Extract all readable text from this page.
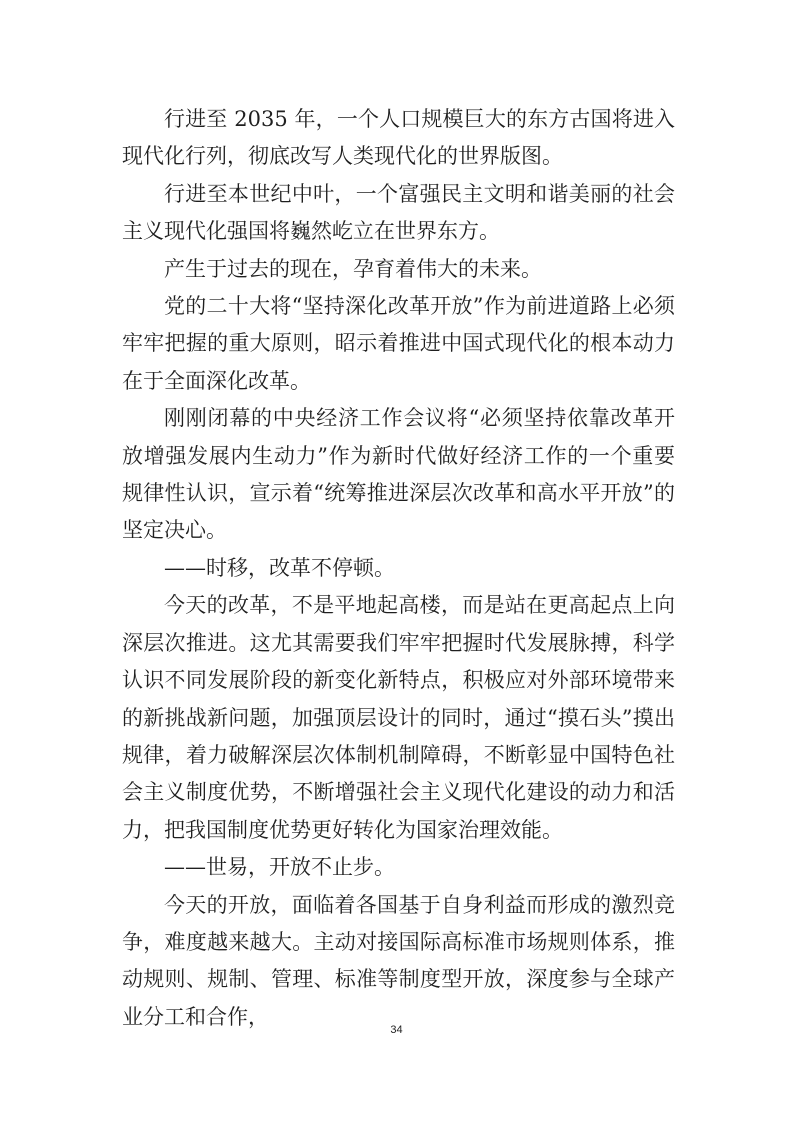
行进至 2035 年，一个人口规模巨大的东方古国将进入现代化行列，彻底改写人类现代化的世界版图。

行进至本世纪中叶，一个富强民主文明和谐美丽的社会主义现代化强国将巍然屹立在世界东方。

产生于过去的现在，孕育着伟大的未来。

党的二十大将“坚持深化改革开放”作为前进道路上必须牢牢把握的重大原则，昭示着推进中国式现代化的根本动力在于全面深化改革。

刚刚闭幕的中央经济工作会议将“必须坚持依靠改革开放增强发展内生动力”作为新时代做好经济工作的一个重要规律性认识，宣示着“统筹推进深层次改革和高水平开放”的坚定决心。

——时移，改革不停顿。

今天的改革，不是平地起高楼，而是站在更高起点上向深层次推进。这尤其需要我们牢牢把握时代发展脉搏，科学认识不同发展阶段的新变化新特点，积极应对外部环境带来的新挑战新问题，加强顶层设计的同时，通过“摸石头”摸出规律，着力破解深层次体制机制障碍，不断彰显中国特色社会主义制度优势，不断增强社会主义现代化建设的动力和活力，把我国制度优势更好转化为国家治理效能。

——世易，开放不止步。

今天的开放，面临着各国基于自身利益而形成的激烈竞争，难度越来越大。主动对接国际高标准市场规则体系，推动规则、规制、管理、标准等制度型开放，深度参与全球产业分工和合作，

34
